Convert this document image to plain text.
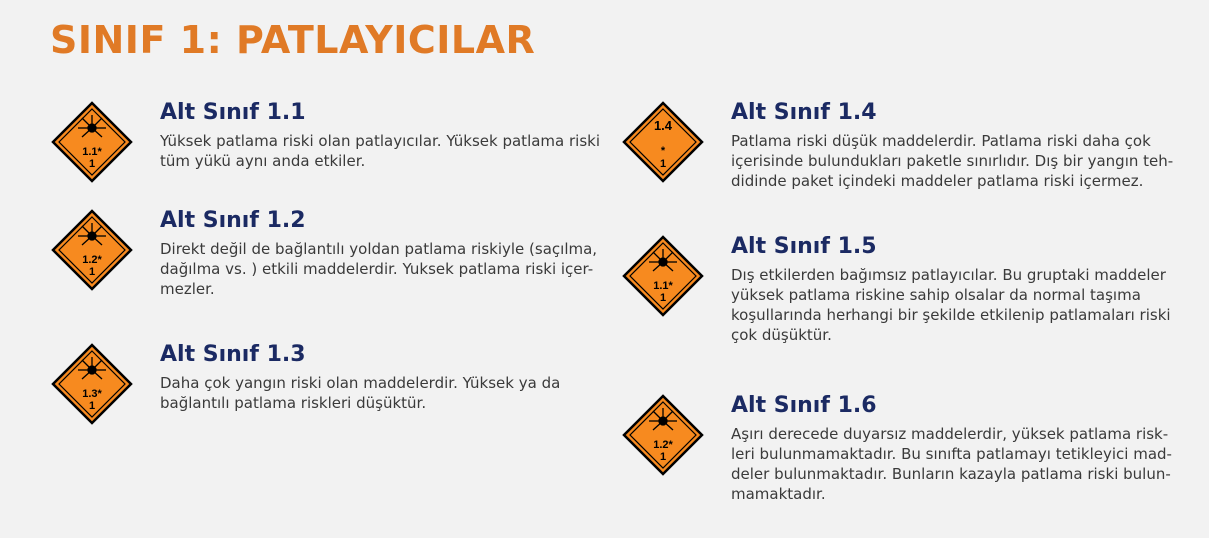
SINIF 1: PATLAYICILAR
1.1*
1
Alt Sınıf 1.1

Yüksek patlama riski olan patlayıcılar. Yüksek patlama riski
tüm yükü aynı anda etkiler.

1.2*
1
Alt Sınıf 1.2

Direkt değil de bağlantılı yoldan patlama riskiyle (saçılma,
dağılma vs. ) etkili maddelerdir. Yuksek patlama riski içer-
mezler.

1.3*
1
Alt Sınıf 1.3

Daha çok yangın riski olan maddelerdir. Yüksek ya da
bağlantılı patlama riskleri düşüktür.

1.4
*
1
Alt Sınıf 1.4

Patlama riski düşük maddelerdir. Patlama riski daha çok
içerisinde bulundukları paketle sınırlıdır. Dış bir yangın teh-
didinde paket içindeki maddeler patlama riski içermez.

1.1*
1
Alt Sınıf 1.5

Dış etkilerden bağımsız patlayıcılar. Bu gruptaki maddeler
yüksek patlama riskine sahip olsalar da normal taşıma
koşullarında herhangi bir şekilde etkilenip patlamaları riski
çok düşüktür.

1.2*
1
Alt Sınıf 1.6

Aşırı derecede duyarsız maddelerdir, yüksek patlama risk-
leri bulunmamaktadır. Bu sınıfta patlamayı tetikleyici mad-
deler bulunmaktadır. Bunların kazayla patlama riski bulun-
mamaktadır.
